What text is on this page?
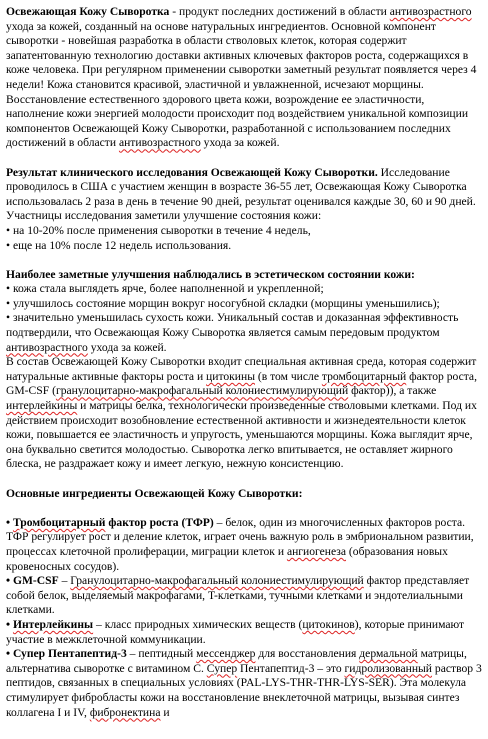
Освежающая Кожу Сыворотка - продукт последних достижений в области антивозрастного ухода за кожей, созданный на основе натуральных ингредиентов. Основной компонент сыворотки - новейшая разработка в области стволовых клеток, которая содержит запатентованную технологию доставки активных ключевых факторов роста, содержащихся в коже человека. При регулярном применении сыворотки заметный результат появляется через 4 недели! Кожа становится красивой, эластичной и увлажненной, исчезают морщины. Восстановление естественного здорового цвета кожи, возрождение ее эластичности, наполнение кожи энергией молодости происходит под воздействием уникальной композиции компонентов Освежающей Кожу Сыворотки, разработанной с использованием последних достижений в области антивозрастного ухода за кожей.

Результат клинического исследования Освежающей Кожу Сыворотки. Исследование проводилось в США с участием женщин в возрасте 36-55 лет, Освежающая Кожу Сыворотка использовалась 2 раза в день в течение 90 дней, результат оценивался каждые 30, 60 и 90 дней. Участницы исследования заметили улучшение состояния кожи:

• на 10-20% после применения сыворотки в течение 4 недель,

• еще на 10% после 12 недель использования.

Наиболее заметные улучшения наблюдались в эстетическом состоянии кожи:

• кожа стала выглядеть ярче, более наполненной и укрепленной;

• улучшилось состояние морщин вокруг носогубной складки (морщины уменьшились);

• значительно уменьшилась сухость кожи. Уникальный состав и доказанная эффективность подтвердили, что Освежающая Кожу Сыворотка является самым передовым продуктом антивозрастного ухода за кожей.

В состав Освежающей Кожу Сыворотки входит специальная активная среда, которая содержит натуральные активные факторы роста и цитокины (в том числе тромбоцитарный фактор роста, GM-CSF (гранулоцитарно-макрофагальный колониестимулирующий фактор)), а также интерлейкины и матрицы белка, технологически произведенные стволовыми клетками. Под их действием происходит возобновление естественной активности и жизнедеятельности клеток кожи, повышается ее эластичность и упругость, уменьшаются морщины. Кожа выглядит ярче, она буквально светится молодостью. Сыворотка легко впитывается, не оставляет жирного блеска, не раздражает кожу и имеет легкую, нежную консистенцию.

Основные ингредиенты Освежающей Кожу Сыворотки:

• Тромбоцитарный фактор роста (ТФР) – белок, один из многочисленных факторов роста. ТФР регулирует рост и деление клеток, играет очень важную роль в эмбриональном развитии, процессах клеточной пролиферации, миграции клеток и ангиогенеза (образования новых кровеносных сосудов).

• GM-CSF – Гранулоцитарно-макрофагальный колониестимулирующий фактор представляет собой белок, выделяемый макрофагами, T-клетками, тучными клетками и эндотелиальными клетками.

• Интерлейкины – класс природных химических веществ (цитокинов), которые принимают участие в межклеточной коммуникации.

• Супер Пентапептид-3 – пептидный мессенджер для восстановления дермальной матрицы, альтернатива сыворотке с витамином С. Супер Пентапептид-3 – это гидролизованный раствор 3 пептидов, связанных в специальных условиях (PAL-LYS-THR-THR-LYS-SER). Эта молекула стимулирует фибробласты кожи на восстановление внеклеточной матрицы, вызывая синтез коллагена I и IV, фибронектина и
